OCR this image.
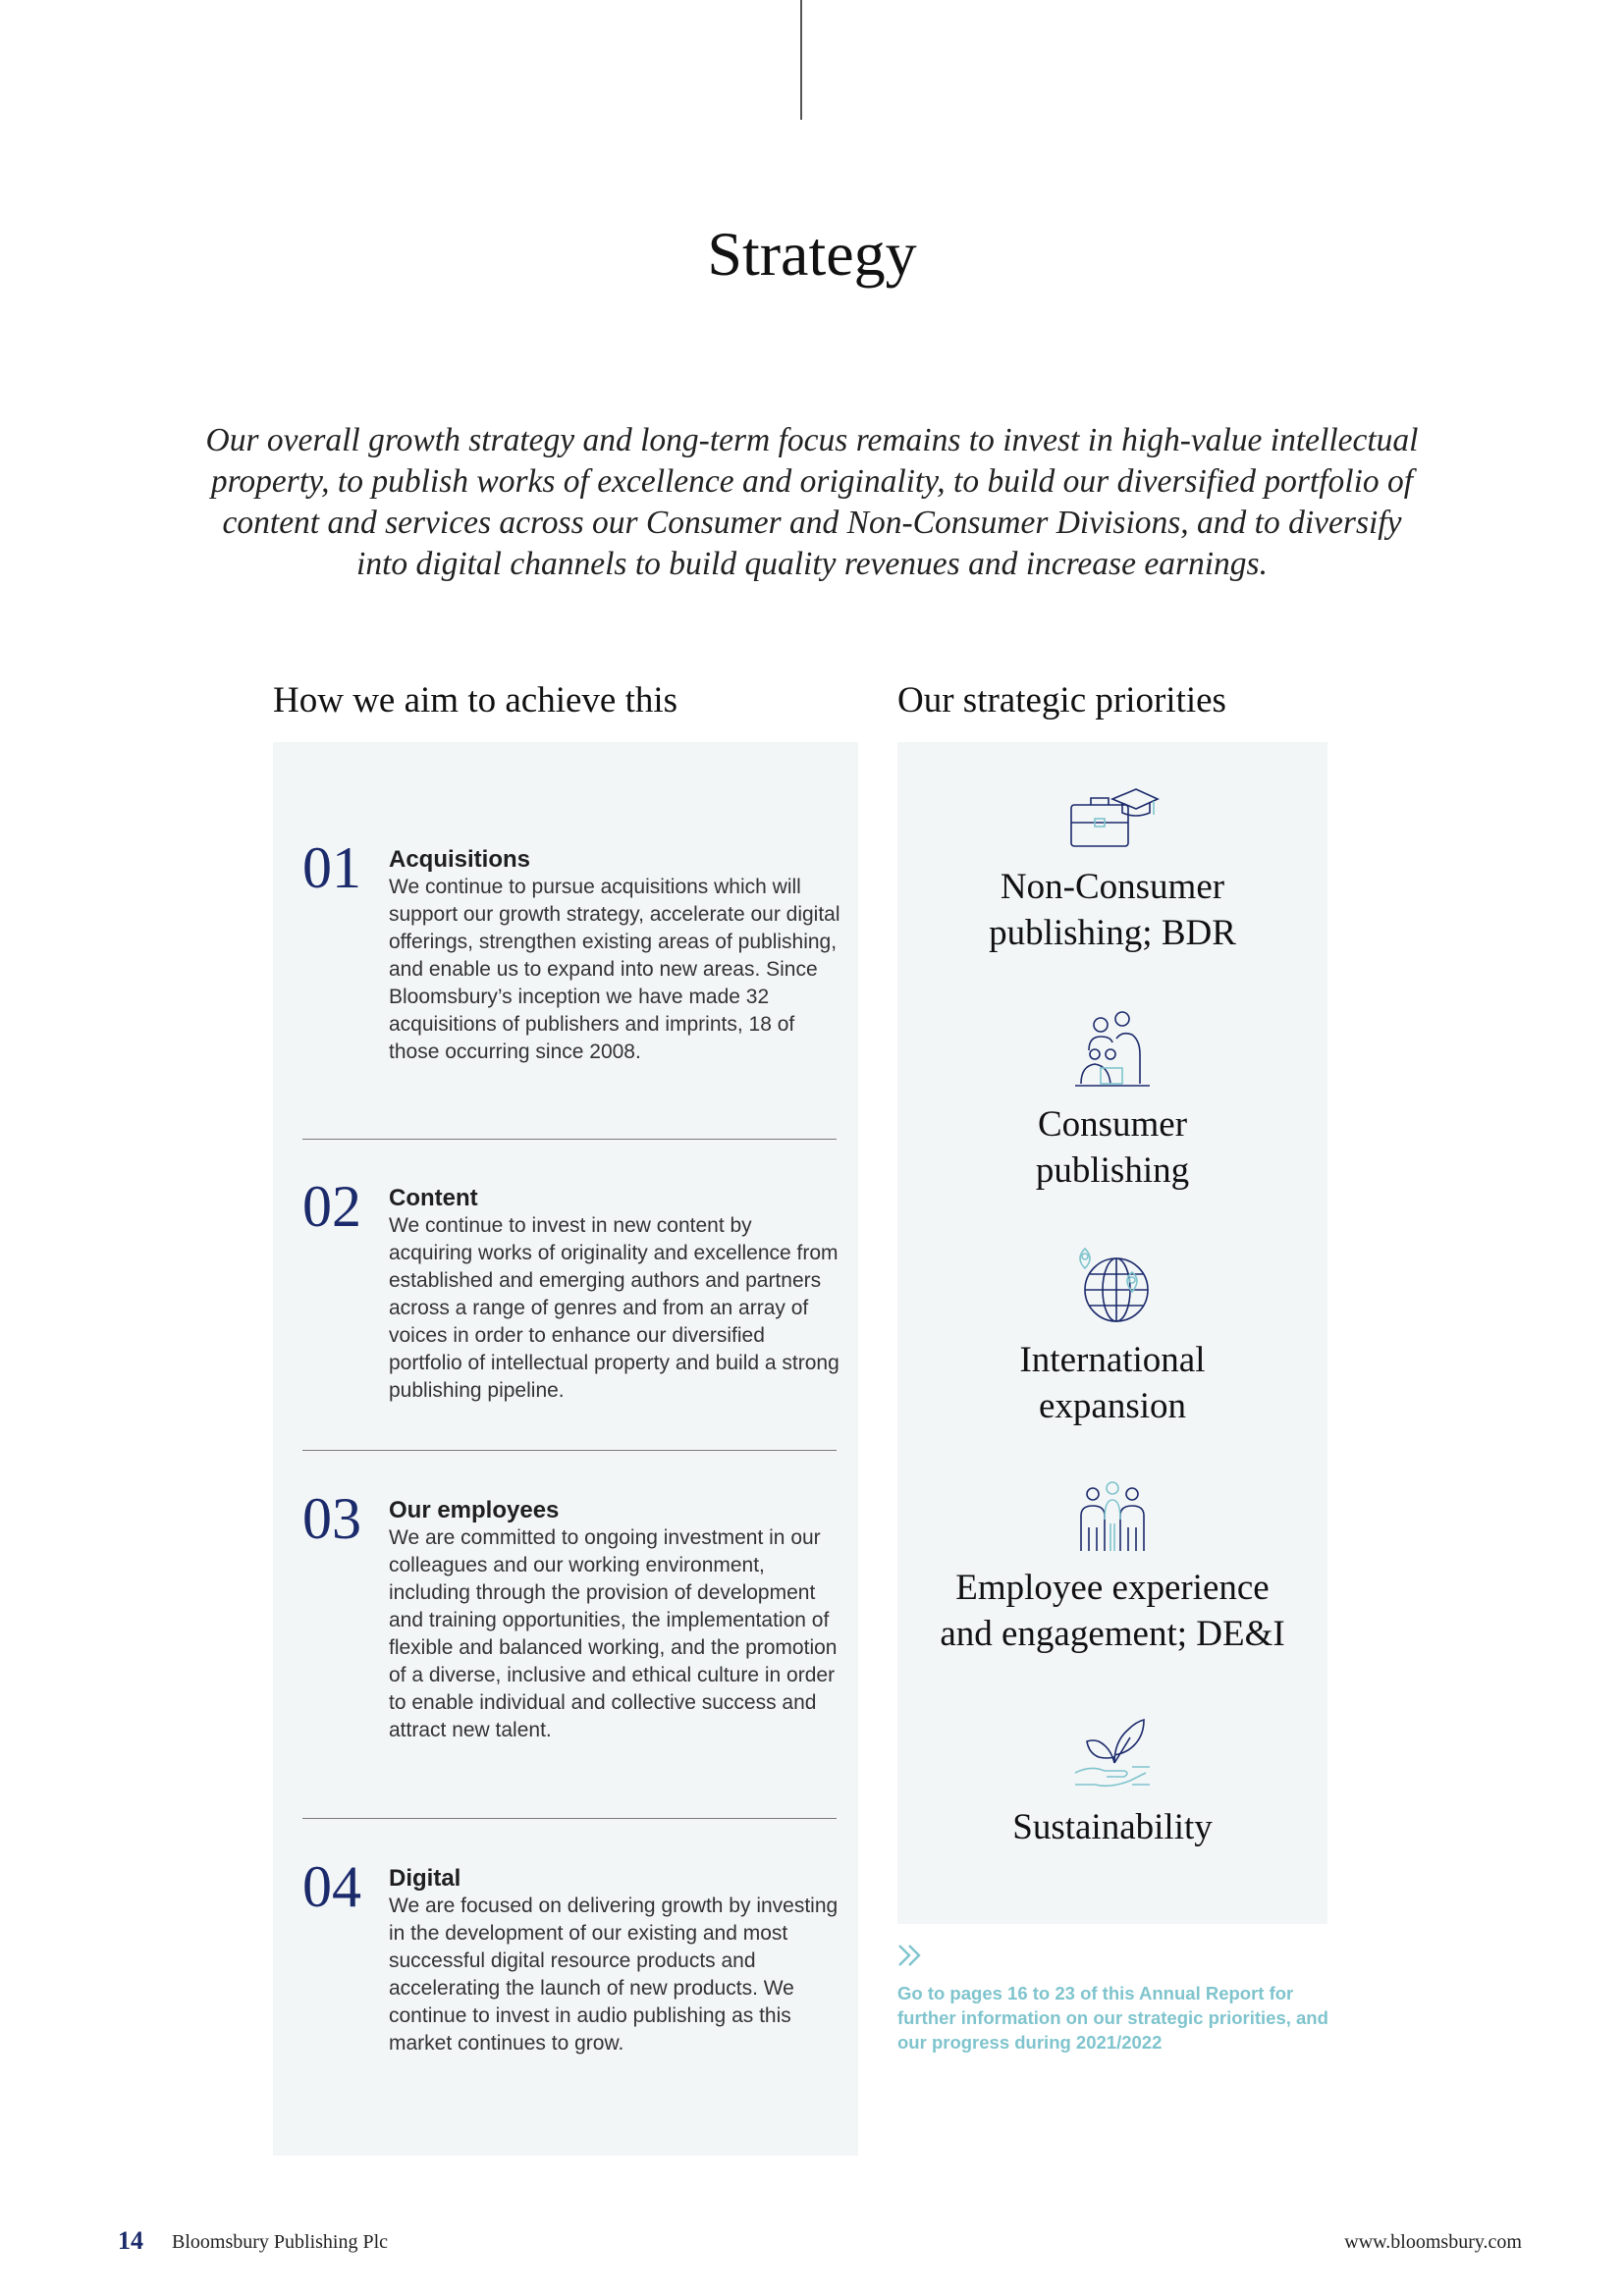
Strategy

Our overall growth strategy and long-term focus remains to invest in high-value intellectual property, to publish works of excellence and originality, to build our diversified portfolio of content and services across our Consumer and Non-Consumer Divisions, and to diversify into digital channels to build quality revenues and increase earnings.

How we aim to achieve this	Our strategic priorities
01 Acquisitions
We continue to pursue acquisitions which will support our growth strategy, accelerate our digital offerings, strengthen existing areas of publishing, and enable us to expand into new areas. Since Bloomsbury’s inception we have made 32 acquisitions of publishers and imprints, 18 of those occurring since 2008.
02 Content
We continue to invest in new content by acquiring works of originality and excellence from established and emerging authors and partners across a range of genres and from an array of voices in order to enhance our diversified portfolio of intellectual property and build a strong publishing pipeline.
03 Our employees
We are committed to ongoing investment in our colleagues and our working environment, including through the provision of development and training opportunities, the implementation of flexible and balanced working, and the promotion of a diverse, inclusive and ethical culture in order to enable individual and collective success and attract new talent.
04 Digital
We are focused on delivering growth by investing in the development of our existing and most successful digital resource products and accelerating the launch of new products. We continue to invest in audio publishing as this market continues to grow.
Non-Consumer
publishing; BDR
Consumer
publishing
International
expansion
Employee experience
and engagement; DE&I
Sustainability
Go to pages 16 to 23 of this Annual Report for further information on our strategic priorities, and our progress during 2021/2022
14 Bloomsbury Publishing Plc	www.bloomsbury.com
